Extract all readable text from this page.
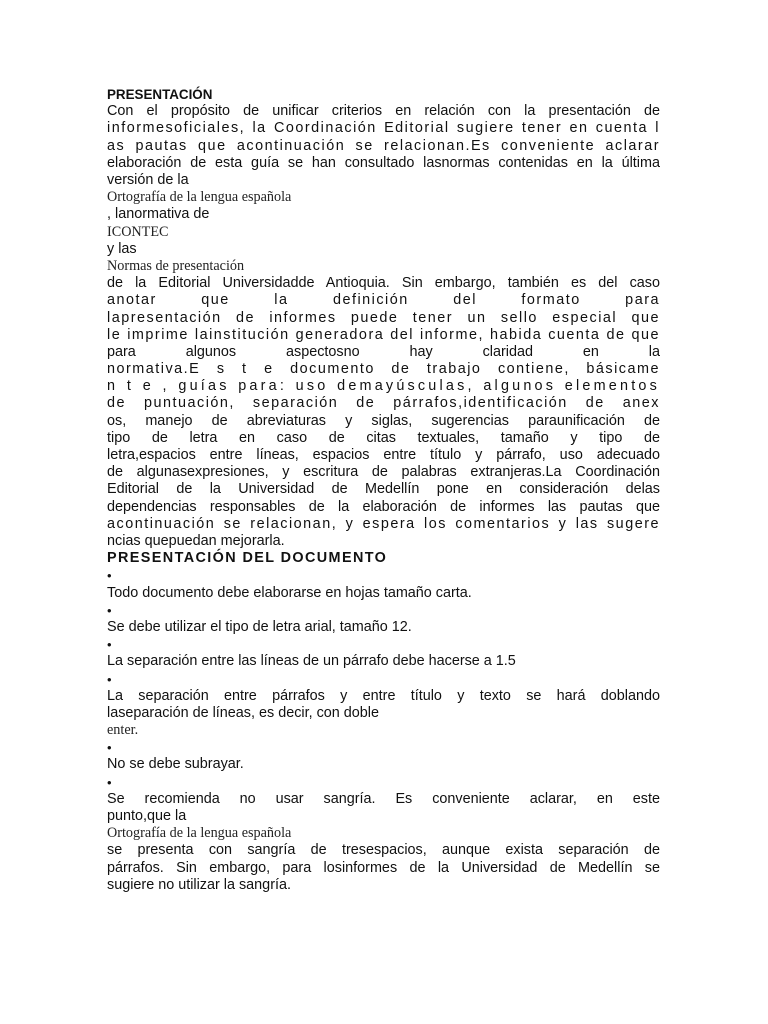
PRESENTACIÓN
Con el propósito de unificar criterios en relación con la presentación de
informesoficiales, la Coordinación Editorial sugiere tener en cuenta l
as pautas que acontinuación se relacionan.Es conveniente aclarar
elaboración de esta guía se han consultado lasnormas contenidas en la última
versión de la
Ortografía de la lengua española
, lanormativa de
ICONTEC
y las
Normas de presentación
de la Editorial Universidadde Antioquia. Sin embargo, también es del caso
anotar que la definición del formato para
lapresentación de informes puede tener un sello especial que
le imprime lainstitución generadora del informe, habida cuenta de que
para algunos aspectosno hay claridad en la
normativa.E s t e documento de trabajo contiene, básicame
n t e , guías para: uso demayúsculas, algunos elementos
de puntuación, separación de párrafos,identificación de anex
os, manejo de abreviaturas y siglas, sugerencias paraunificación de
tipo de letra en caso de citas textuales, tamaño y tipo de
letra,espacios entre líneas, espacios entre título y párrafo, uso adecuado
de algunasexpresiones, y escritura de palabras extranjeras.La Coordinación
Editorial de la Universidad de Medellín pone en consideración delas
dependencias responsables de la elaboración de informes las pautas que
acontinuación se relacionan, y espera los comentarios y las sugere
ncias quepuedan mejorarla.
PRESENTACIÓN DEL DOCUMENTO
•
Todo documento debe elaborarse en hojas tamaño carta.
•
Se debe utilizar el tipo de letra arial, tamaño 12.
•
La separación entre las líneas de un párrafo debe hacerse a 1.5
•
La separación entre párrafos y entre título y texto se hará doblando
laseparación de líneas, es decir, con doble
enter.
•
No se debe subrayar.
•
Se recomienda no usar sangría. Es conveniente aclarar, en este
punto,que la
Ortografía de la lengua española
se presenta con sangría de tresespacios, aunque exista separación de
párrafos. Sin embargo, para losinformes de la Universidad de Medellín se
sugiere no utilizar la sangría.
